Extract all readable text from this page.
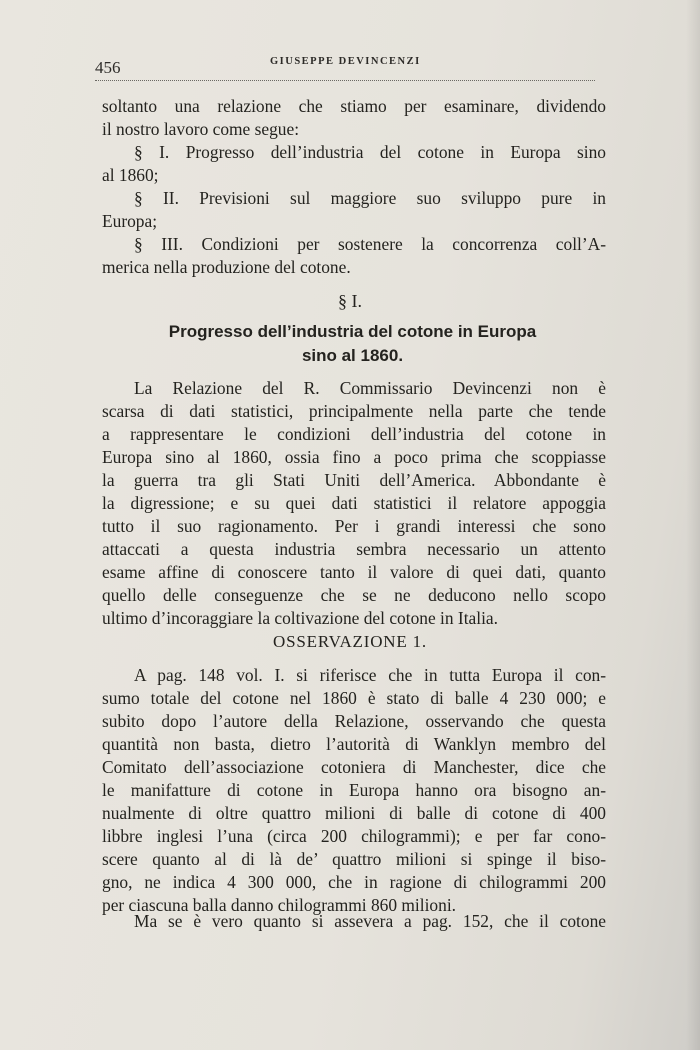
456	GIUSEPPE DEVINCENZI
soltanto una relazione che stiamo per esaminare, dividendo
il nostro lavoro come segue:
§ I. Progresso dell’industria del cotone in Europa sino
al 1860;
§ II. Previsioni sul maggiore suo sviluppo pure in
Europa;
§ III. Condizioni per sostenere la concorrenza coll’A-
merica nella produzione del cotone.
§ I.
Progresso dell’industria del cotone in Europa
sino al 1860.
La Relazione del R. Commissario Devincenzi non è
scarsa di dati statistici, principalmente nella parte che tende
a rappresentare le condizioni dell’industria del cotone in
Europa sino al 1860, ossia fino a poco prima che scoppiasse
la guerra tra gli Stati Uniti dell’America. Abbondante è
la digressione; e su quei dati statistici il relatore appoggia
tutto il suo ragionamento. Per i grandi interessi che sono
attaccati a questa industria sembra necessario un attento
esame affine di conoscere tanto il valore di quei dati, quanto
quello delle conseguenze che se ne deducono nello scopo
ultimo d’incoraggiare la coltivazione del cotone in Italia.
OSSERVAZIONE 1.
A pag. 148 vol. I. si riferisce che in tutta Europa il con-
sumo totale del cotone nel 1860 è stato di balle 4 230 000; e
subito dopo l’autore della Relazione, osservando che questa
quantità non basta, dietro l’autorità di Wanklyn membro del
Comitato dell’associazione cotoniera di Manchester, dice che
le manifatture di cotone in Europa hanno ora bisogno an-
nualmente di oltre quattro milioni di balle di cotone di 400
libbre inglesi l’una (circa 200 chilogrammi); e per far cono-
scere quanto al di là de’ quattro milioni si spinge il biso-
gno, ne indica 4 300 000, che in ragione di chilogrammi 200
per ciascuna balla danno chilogrammi 860 milioni.
Ma se è vero quanto si assevera a pag. 152, che il cotone
